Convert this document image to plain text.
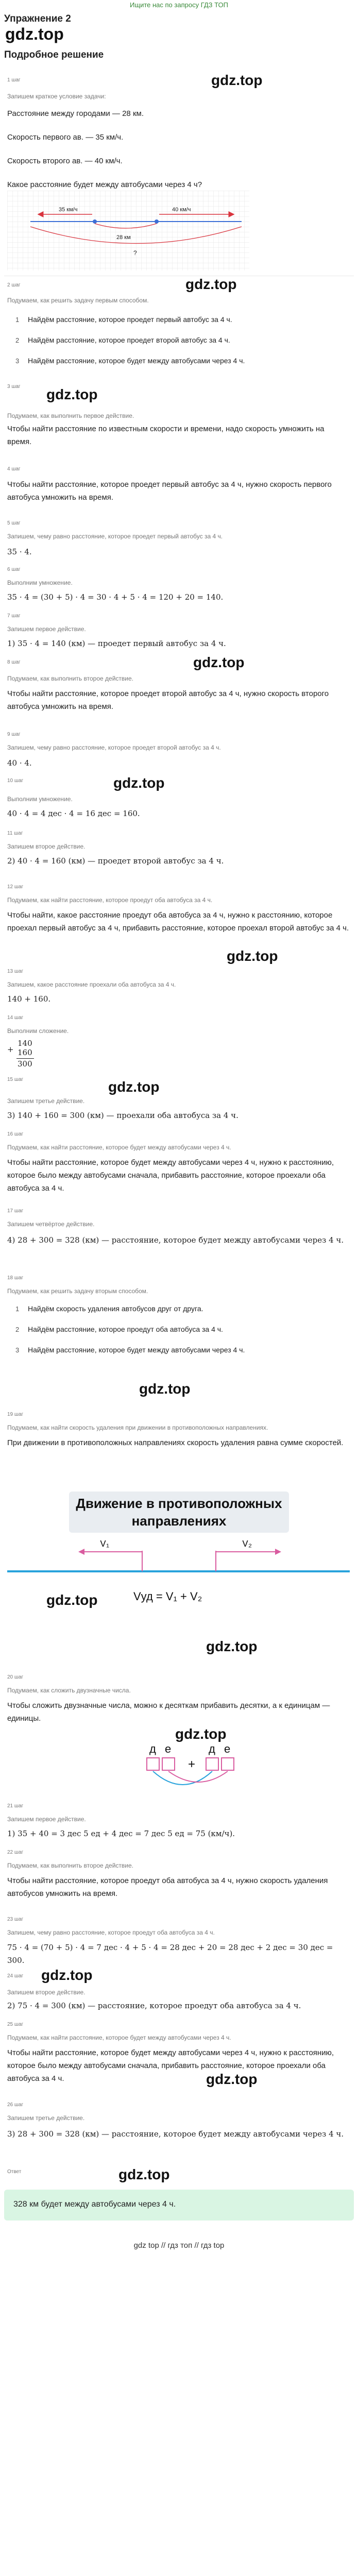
Ищите нас по запросу ГДЗ ТОП
Упражнение 2
gdz.top
Подробное решение
1 шаг	gdz.top
Запишем краткое условие задачи:
Расстояние между городами — 28 км.
Скорость первого ав. — 35 км/ч.
Скорость второго ав. — 40 км/ч.
Какое расстояние будет между автобусами через 4 ч?
35 км/ч	40 км/ч
28 км
?
2 шаг	gdz.top
Подумаем, как решить задачу первым способом.
1 Найдём расстояние, которое проедет первый автобус за 4 ч.
2 Найдём расстояние, которое проедет второй автобус за 4 ч.
3 Найдём расстояние, которое будет между автобусами через 4 ч.
3 шаг gdz.top
Подумаем, как выполнить первое действие.
Чтобы найти расстояние по известным скорости и времени, надо скорость умножить на время.
4 шаг
Чтобы найти расстояние, которое проедет первый автобус за 4 ч, нужно скорость первого автобуса умножить на время.
5 шаг
Запишем, чему равно расстояние, которое проедет первый автобус за 4 ч.
35 · 4.
6 шаг
Выполним умножение.
35 · 4 = (30 + 5) · 4 = 30 · 4 + 5 · 4 = 120 + 20 = 140.
7 шаг
Запишем первое действие.
1) 35 · 4 = 140 (км) — проедет первый автобус за 4 ч.
8 шаг	gdz.top
Подумаем, как выполнить второе действие.
Чтобы найти расстояние, которое проедет второй автобус за 4 ч, нужно скорость второго автобуса умножить на время.
9 шаг
Запишем, чему равно расстояние, которое проедет второй автобус за 4 ч.
40 · 4.
10 шаг	gdz.top
Выполним умножение.
40 · 4 = 4 дес · 4 = 16 дес = 160.
11 шаг
Запишем второе действие.
2) 40 · 4 = 160 (км) — проедет второй автобус за 4 ч.
12 шаг
Подумаем, как найти расстояние, которое проедут оба автобуса за 4 ч.
Чтобы найти, какое расстояние проедут оба автобуса за 4 ч, нужно к расстоянию, которое проехал первый автобус за 4 ч, прибавить расстояние, которое проехал второй автобус за 4 ч.
gdz.top
13 шаг
Запишем, какое расстояние проехали оба автобуса за 4 ч.
140 + 160.
14 шаг
Выполним сложение.
+
140
160
300
15 шаг	gdz.top
Запишем третье действие.
3) 140 + 160 = 300 (км) — проехали оба автобуса за 4 ч.
16 шаг
Подумаем, как найти расстояние, которое будет между автобусами через 4 ч.
Чтобы найти расстояние, которое будет между автобусами через 4 ч, нужно к расстоянию, которое было между автобусами сначала, прибавить расстояние, которое проехали оба автобуса за 4 ч.
17 шаг
Запишем четвёртое действие.
4) 28 + 300 = 328 (км) — расстояние, которое будет между автобусами через 4 ч.
18 шаг
Подумаем, как решить задачу вторым способом.
1 Найдём скорость удаления автобусов друг от друга.
2 Найдём расстояние, которое проедут оба автобуса за 4 ч.
3 Найдём расстояние, которое будет между автобусами через 4 ч.
gdz.top
19 шаг
Подумаем, как найти скорость удаления при движении в противоположных направлениях.
При движении в противоположных направлениях скорость удаления равна сумме скоростей.
Движение в противоположных направлениях
V₁	V₂
Vуд = V₁ + V₂
gdz.top
gdz.top
20 шаг
Подумаем, как сложить двузначные числа.
Чтобы сложить двузначные числа, можно к десяткам прибавить десятки, а к единицам — единицы.
gdz.top
д е	д е
+
21 шаг
Запишем первое действие.
1) 35 + 40 = 3 дес 5 ед + 4 дес = 7 дес 5 ед = 75 (км/ч).
22 шаг
Подумаем, как выполнить второе действие.
Чтобы найти расстояние, которое проедут оба автобуса за 4 ч, нужно скорость удаления автобусов умножить на время.
23 шаг
Запишем, чему равно расстояние, которое проедут оба автобуса за 4 ч.
75 · 4 = (70 + 5) · 4 = 7 дес · 4 + 5 · 4 = 28 дес + 20 = 28 дес + 2 дес = 30 дес = 300.
24 шаг gdz.top
Запишем второе действие.
2) 75 · 4 = 300 (км) — расстояние, которое проедут оба автобуса за 4 ч.
25 шаг
Подумаем, как найти расстояние, которое будет между автобусами через 4 ч.
Чтобы найти расстояние, которое будет между автобусами через 4 ч, нужно к расстоянию, которое было между автобусами сначала, прибавить расстояние, которое проехали оба автобуса за 4 ч.	gdz.top
26 шаг
Запишем третье действие.
3) 28 + 300 = 328 (км) — расстояние, которое будет между автобусами через 4 ч.
Ответ	gdz.top
328 км будет между автобусами через 4 ч.
gdz top // гдз топ // гдз top
